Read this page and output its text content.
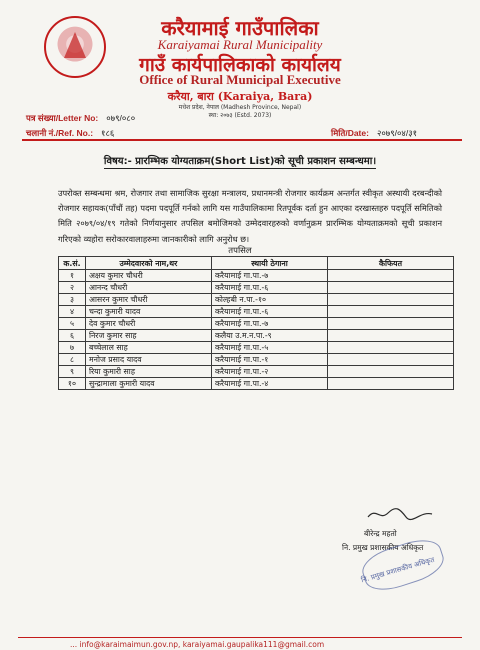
करैयामाई गाउँपालिका
Karaiyamai Rural Municipality
गाउँ कार्यपालिकाको कार्यालय
Office of Rural Municipal Executive
करैया, बारा (Karaiya, Bara)
मधेश प्रदेश, नेपाल (Madhesh Province, Nepal)
स्था: २०७३ (Estd. 2073)
पत्र संख्या/Letter No: ०७९/०८०
चलानी नं./Ref. No.: १८६	मिति/Date: २०७९/०४/३१
विषय:- प्रारम्भिक योग्यताक्रम(Short List)को सूची प्रकाशन सम्बन्धमा।
उपरोक्त सम्बन्धमा श्रम, रोजगार तथा सामाजिक सुरक्षा मन्त्रालय, प्रधानमन्त्री रोजगार कार्यक्रम अन्तर्गत स्वीकृत अस्थायी दरबन्दीको रोजगार सहायक(पाँचौं तह) पदमा पदपूर्ति गर्नको लागि यस गाउँपालिकामा रितपूर्वक दर्ता हुन आएका दरखास्तहरु पदपूर्ति समितिको मिति २०७९/०४/१९ गतेको निर्णयानुसार तपसिल बमोजिमको उम्मेदवारहरुको वर्णानुक्रम प्रारम्भिक योग्यताक्रमको सूची प्रकाशन गरिएको व्यहोरा सरोकारवालाहरुमा जानकारीको लागि अनुरोध छ।
तपसिल
क.सं.	उम्मेदवारको नाम,थर	स्थायी ठेगाना	कैफियत
१	अक्षय कुमार चौधरी	करैयामाई गा.पा.-७	
२	आनन्द चौधरी	करैयामाई गा.पा.-६	
३	आसरन कुमार चौधरी	कोल्हबी न.पा.-१०	
४	चन्दा कुमारी यादव	करैयामाई गा.पा.-६	
५	देव कुमार चौधरी	करैयामाई गा.पा.-७	
६	निरज कुमार साह	कलैया उ.म.न.पा.-९	
७	बच्चेलाल साह	करैयामाई गा.पा.-५	
८	मनोज प्रसाद यादव	करैयामाई गा.पा.-१	
९	रिया कुमारी साह	करैयामाई गा.पा.-२	
१०	सुन्द्रामाला कुमारी यादव	करैयामाई गा.पा.-४	
बीरेन्द्र महतो
नि. प्रमुख प्रशासकीय अधिकृत
नि. प्रमुख प्रशासकीय अधिकृत
... info@karaimaimun.gov.np, karaiyamai.gaupalika111@gmail.com
